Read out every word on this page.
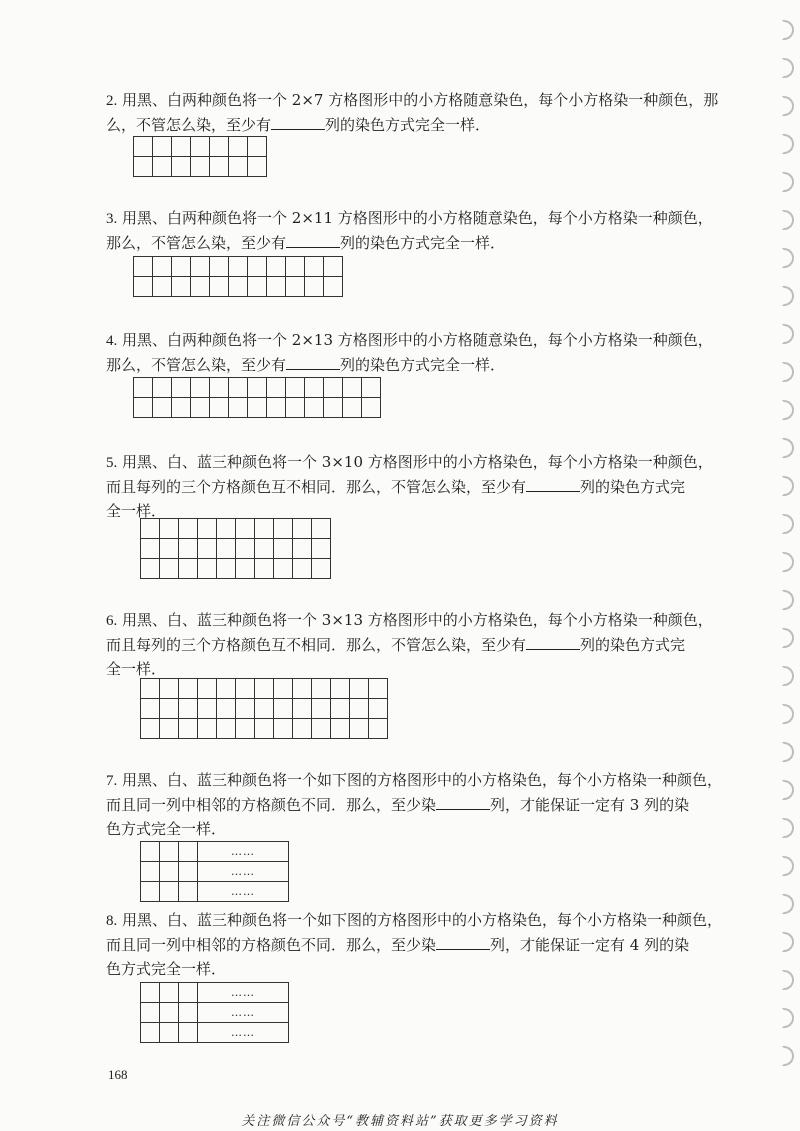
2. 用黑、白两种颜色将一个 2×7 方格图形中的小方格随意染色，每个小方格染一种颜色，那

么，不管怎么染，至少有	列的染色方式完全一样．

3. 用黑、白两种颜色将一个 2×11 方格图形中的小方格随意染色，每个小方格染一种颜色，

那么，不管怎么染，至少有	列的染色方式完全一样．

4. 用黑、白两种颜色将一个 2×13 方格图形中的小方格随意染色，每个小方格染一种颜色，

那么，不管怎么染，至少有	列的染色方式完全一样．

5. 用黑、白、蓝三种颜色将一个 3×10 方格图形中的小方格染色，每个小方格染一种颜色，

而且每列的三个方格颜色互不相同．那么，不管怎么染，至少有	列的染色方式完

全一样．

6. 用黑、白、蓝三种颜色将一个 3×13 方格图形中的小方格染色，每个小方格染一种颜色，

而且每列的三个方格颜色互不相同．那么，不管怎么染，至少有	列的染色方式完

全一样．

7. 用黑、白、蓝三种颜色将一个如下图的方格图形中的小方格染色，每个小方格染一种颜色，

而且同一列中相邻的方格颜色不同．那么，至少染	列，才能保证一定有 3 列的染

色方式完全一样．

8. 用黑、白、蓝三种颜色将一个如下图的方格图形中的小方格染色，每个小方格染一种颜色，

而且同一列中相邻的方格颜色不同．那么，至少染	列，才能保证一定有 4 列的染

色方式完全一样．

			……
			……
			……
			……
			……
			……
168
关注微信公众号“教辅资料站”获取更多学习资料
